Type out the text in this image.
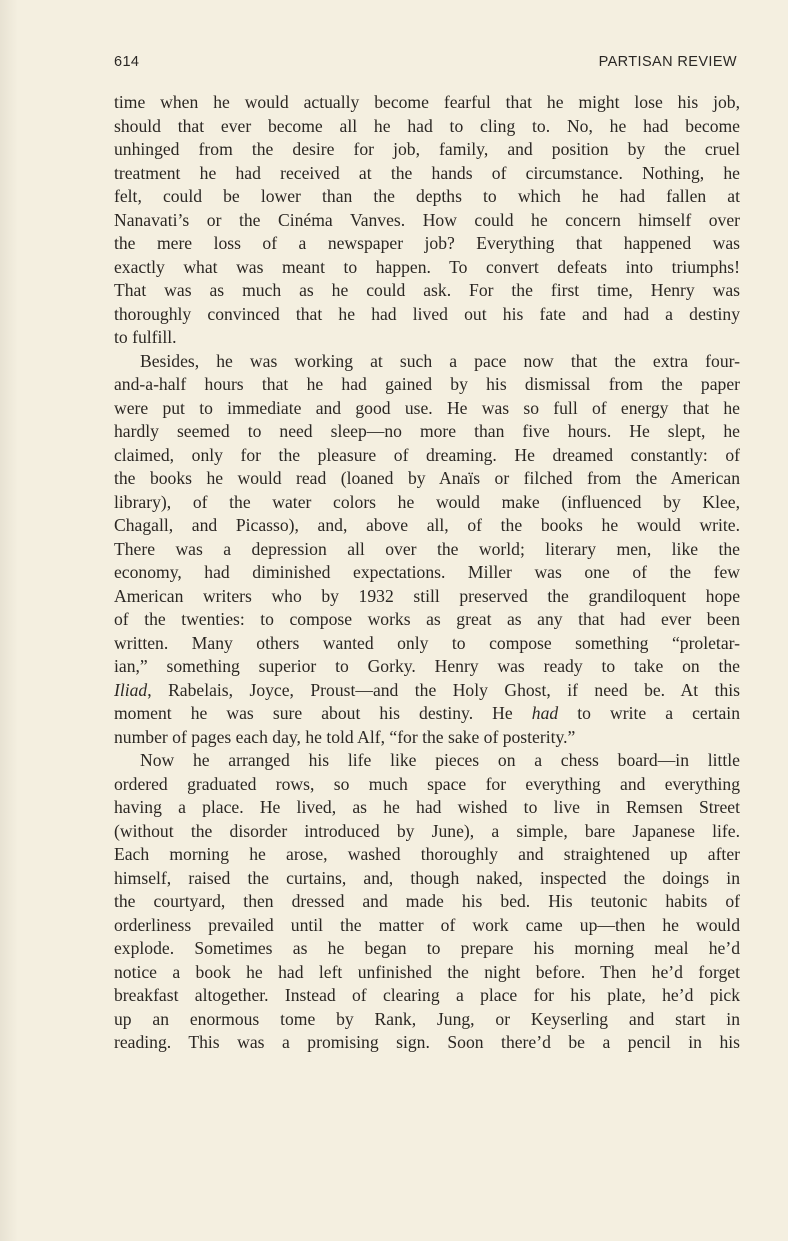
614	PARTISAN REVIEW
time when he would actually become fearful that he might lose his job,
should that ever become all he had to cling to. No, he had become
unhinged from the desire for job, family, and position by the cruel
treatment he had received at the hands of circumstance. Nothing, he
felt, could be lower than the depths to which he had fallen at
Nanavati’s or the Cinéma Vanves. How could he concern himself over
the mere loss of a newspaper job? Everything that happened was
exactly what was meant to happen. To convert defeats into triumphs!
That was as much as he could ask. For the first time, Henry was
thoroughly convinced that he had lived out his fate and had a destiny
to fulfill.
Besides, he was working at such a pace now that the extra four-
and-a-half hours that he had gained by his dismissal from the paper
were put to immediate and good use. He was so full of energy that he
hardly seemed to need sleep—no more than five hours. He slept, he
claimed, only for the pleasure of dreaming. He dreamed constantly: of
the books he would read (loaned by Anaïs or filched from the American
library), of the water colors he would make (influenced by Klee,
Chagall, and Picasso), and, above all, of the books he would write.
There was a depression all over the world; literary men, like the
economy, had diminished expectations. Miller was one of the few
American writers who by 1932 still preserved the grandiloquent hope
of the twenties: to compose works as great as any that had ever been
written. Many others wanted only to compose something “proletar-
ian,” something superior to Gorky. Henry was ready to take on the
Iliad, Rabelais, Joyce, Proust—and the Holy Ghost, if need be. At this
moment he was sure about his destiny. He had to write a certain
number of pages each day, he told Alf, “for the sake of posterity.”
Now he arranged his life like pieces on a chess board—in little
ordered graduated rows, so much space for everything and everything
having a place. He lived, as he had wished to live in Remsen Street
(without the disorder introduced by June), a simple, bare Japanese life.
Each morning he arose, washed thoroughly and straightened up after
himself, raised the curtains, and, though naked, inspected the doings in
the courtyard, then dressed and made his bed. His teutonic habits of
orderliness prevailed until the matter of work came up—then he would
explode. Sometimes as he began to prepare his morning meal he’d
notice a book he had left unfinished the night before. Then he’d forget
breakfast altogether. Instead of clearing a place for his plate, he’d pick
up an enormous tome by Rank, Jung, or Keyserling and start in
reading. This was a promising sign. Soon there’d be a pencil in his
